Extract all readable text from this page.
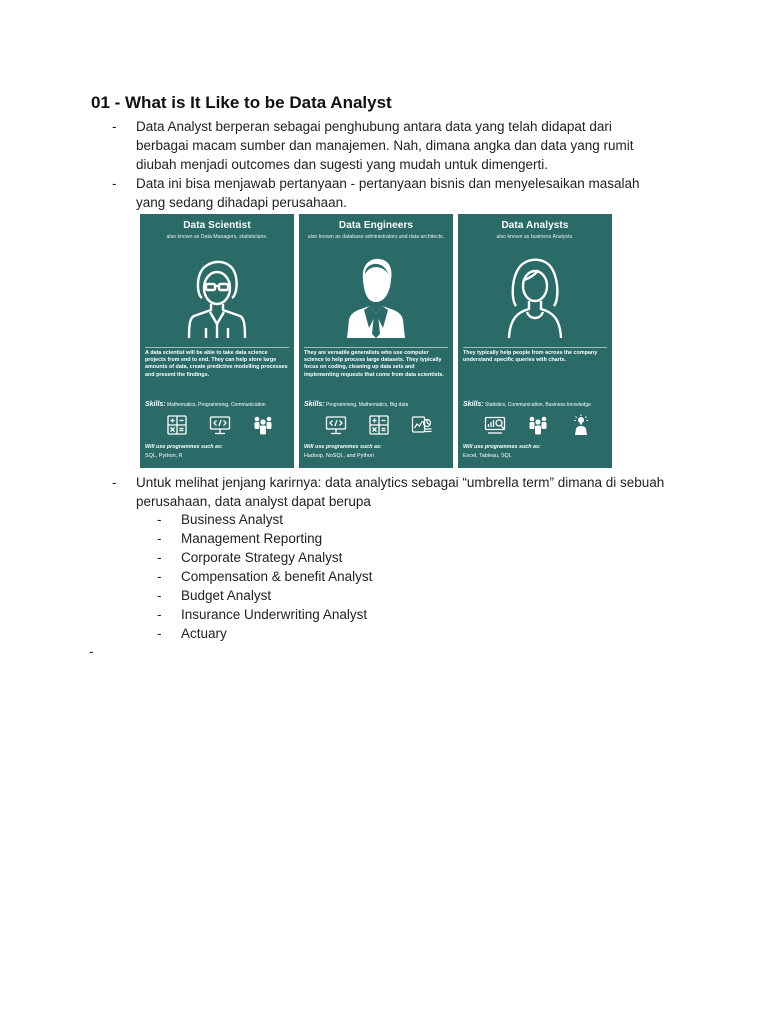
01 - What is It Like to be Data Analyst
- Data Analyst berperan sebagai penghubung antara data yang telah didapat dari
berbagai macam sumber dan manajemen. Nah, dimana angka dan data yang rumit
diubah menjadi outcomes dan sugesti yang mudah untuk dimengerti.
- Data ini bisa menjawab pertanyaan - pertanyaan bisnis dan menyelesaikan masalah
yang sedang dihadapi perusahaan.
Data Scientist
also known as Data Managers, statisticians.
A data scientist will be able to take data science projects from end to end. They can help store large amounts of data, create predictive modelling processes and present the findings.
Skills: Mathematics, Programming, Communication
Will use programmes such as:
SQL, Python, R
Data Engineers
also known as database administrators and data architects.
They are versatile generalists who use computer science to help process large datasets. They typically focus on coding, cleaning up data sets and implementing requests that come from data scientists.
Skills: Programming, Mathematics, Big data
Will use programmes such as:
Hadoop, NoSQL, and Python
Data Analysts
also known as business Analysts.
They typically help people from across the company understand specific queries with charts.
Skills: Statistics, Communication, Business knowledge
Will use programmes such as:
Excel, Tableau, SQL
- Untuk melihat jenjang karirnya: data analytics sebagai “umbrella term” dimana di sebuah
perusahaan, data analyst dapat berupa
- Business Analyst
- Management Reporting
- Corporate Strategy Analyst
- Compensation & benefit Analyst
- Budget Analyst
- Insurance Underwriting Analyst
- Actuary
-
